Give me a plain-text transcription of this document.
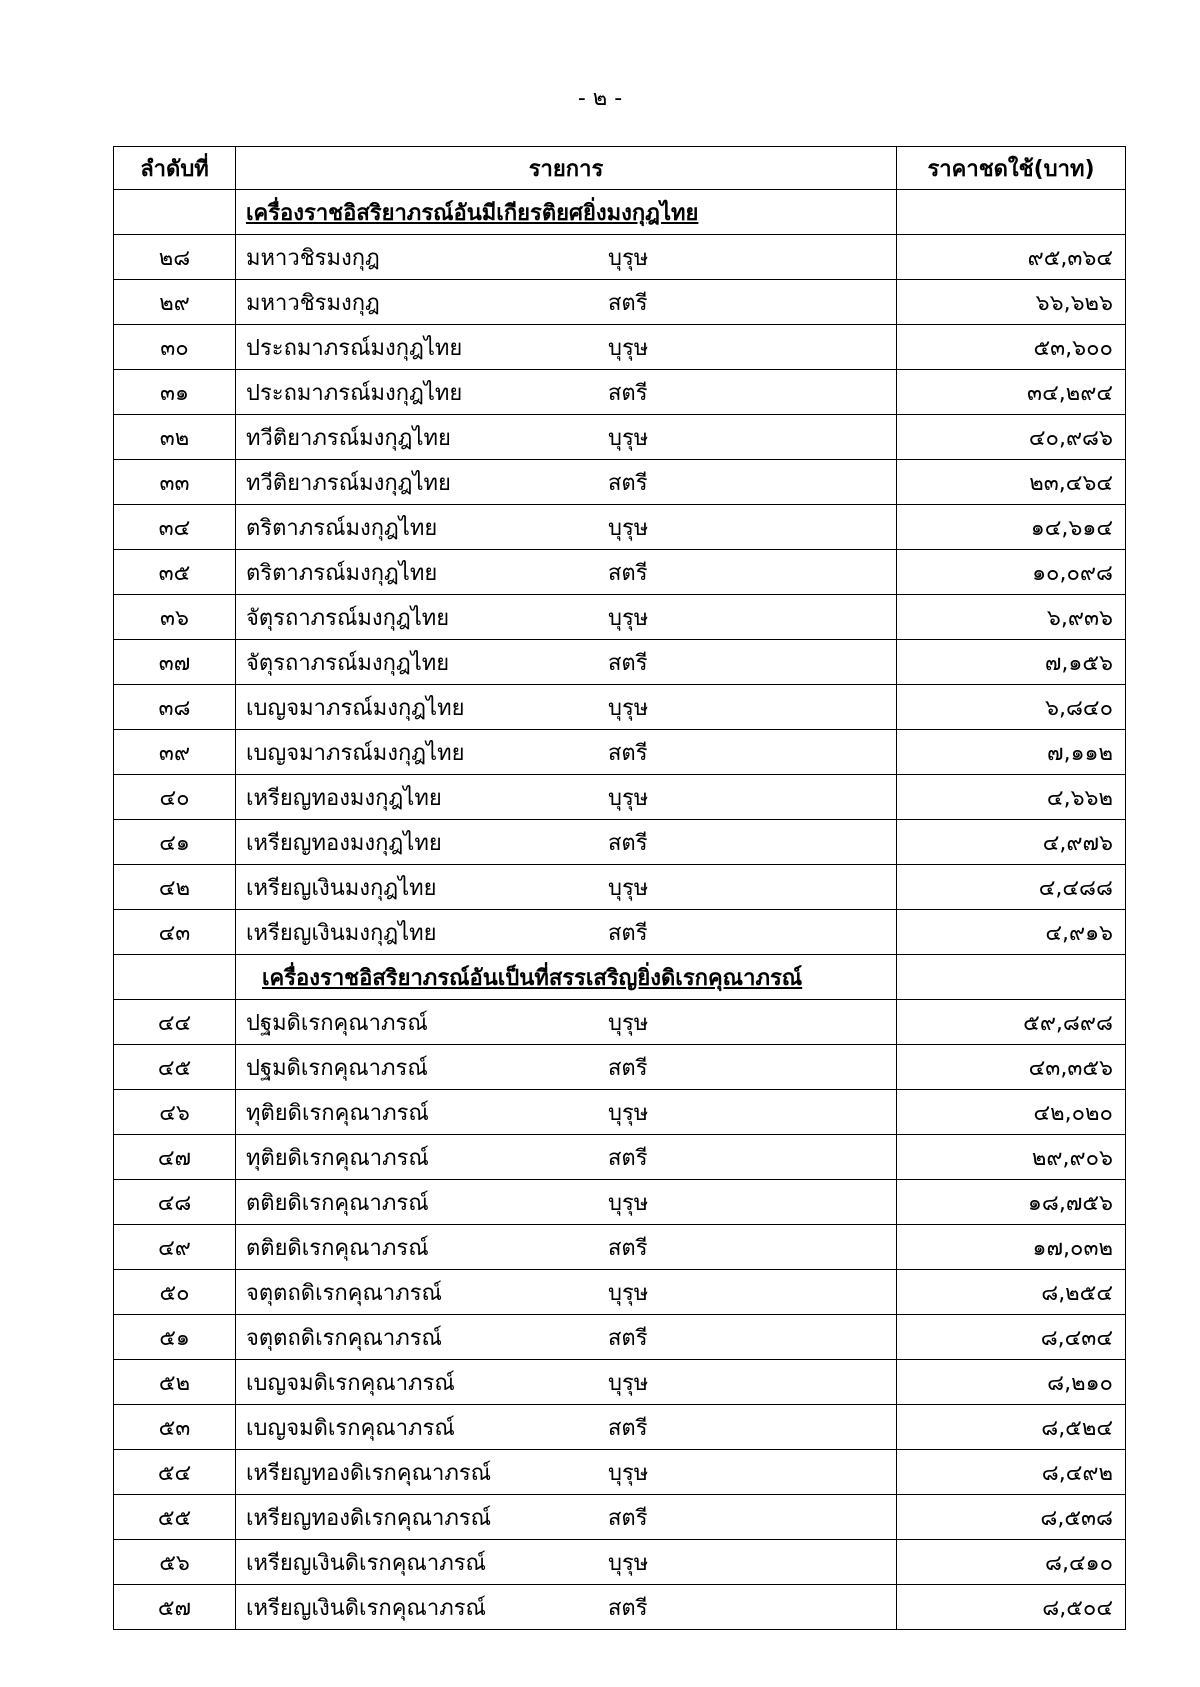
- ๒ -
ลำดับที่	รายการ	ราคาชดใช้(บาท)
	เครื่องราชอิสริยาภรณ์อันมีเกียรติยศยิ่งมงกุฎไทย	
๒๘	มหาวชิรมงกุฎ บุรุษ	๙๕,๓๖๔
๒๙	มหาวชิรมงกุฎ สตรี	๖๖,๖๒๖
๓๐	ประถมาภรณ์มงกุฎไทย บุรุษ	๕๓,๖๐๐
๓๑	ประถมาภรณ์มงกุฎไทย สตรี	๓๔,๒๙๔
๓๒	ทวีติยาภรณ์มงกุฎไทย บุรุษ	๔๐,๙๘๖
๓๓	ทวีติยาภรณ์มงกุฎไทย สตรี	๒๓,๔๖๔
๓๔	ตริตาภรณ์มงกุฎไทย บุรุษ	๑๔,๖๑๔
๓๕	ตริตาภรณ์มงกุฎไทย สตรี	๑๐,๐๙๘
๓๖	จัตุรถาภรณ์มงกุฎไทย บุรุษ	๖,๙๓๖
๓๗	จัตุรถาภรณ์มงกุฎไทย สตรี	๗,๑๕๖
๓๘	เบญจมาภรณ์มงกุฎไทย บุรุษ	๖,๘๔๐
๓๙	เบญจมาภรณ์มงกุฎไทย สตรี	๗,๑๑๒
๔๐	เหรียญทองมงกุฎไทย บุรุษ	๔,๖๖๒
๔๑	เหรียญทองมงกุฎไทย สตรี	๔,๙๗๖
๔๒	เหรียญเงินมงกุฎไทย บุรุษ	๔,๔๘๘
๔๓	เหรียญเงินมงกุฎไทย สตรี	๔,๙๑๖
	เครื่องราชอิสริยาภรณ์อันเป็นที่สรรเสริญยิ่งดิเรกคุณาภรณ์	
๔๔	ปฐมดิเรกคุณาภรณ์ บุรุษ	๕๙,๘๙๘
๔๕	ปฐมดิเรกคุณาภรณ์ สตรี	๔๓,๓๕๖
๔๖	ทุติยดิเรกคุณาภรณ์ บุรุษ	๔๒,๐๒๐
๔๗	ทุติยดิเรกคุณาภรณ์ สตรี	๒๙,๙๐๖
๔๘	ตติยดิเรกคุณาภรณ์ บุรุษ	๑๘,๗๕๖
๔๙	ตติยดิเรกคุณาภรณ์ สตรี	๑๗,๐๓๒
๕๐	จตุตถดิเรกคุณาภรณ์ บุรุษ	๘,๒๕๔
๕๑	จตุตถดิเรกคุณาภรณ์ สตรี	๘,๔๓๔
๕๒	เบญจมดิเรกคุณาภรณ์ บุรุษ	๘,๒๑๐
๕๓	เบญจมดิเรกคุณาภรณ์ สตรี	๘,๕๒๔
๕๔	เหรียญทองดิเรกคุณาภรณ์ บุรุษ	๘,๔๙๒
๕๕	เหรียญทองดิเรกคุณาภรณ์ สตรี	๘,๕๓๘
๕๖	เหรียญเงินดิเรกคุณาภรณ์ บุรุษ	๘,๔๑๐
๕๗	เหรียญเงินดิเรกคุณาภรณ์ สตรี	๘,๕๐๔
